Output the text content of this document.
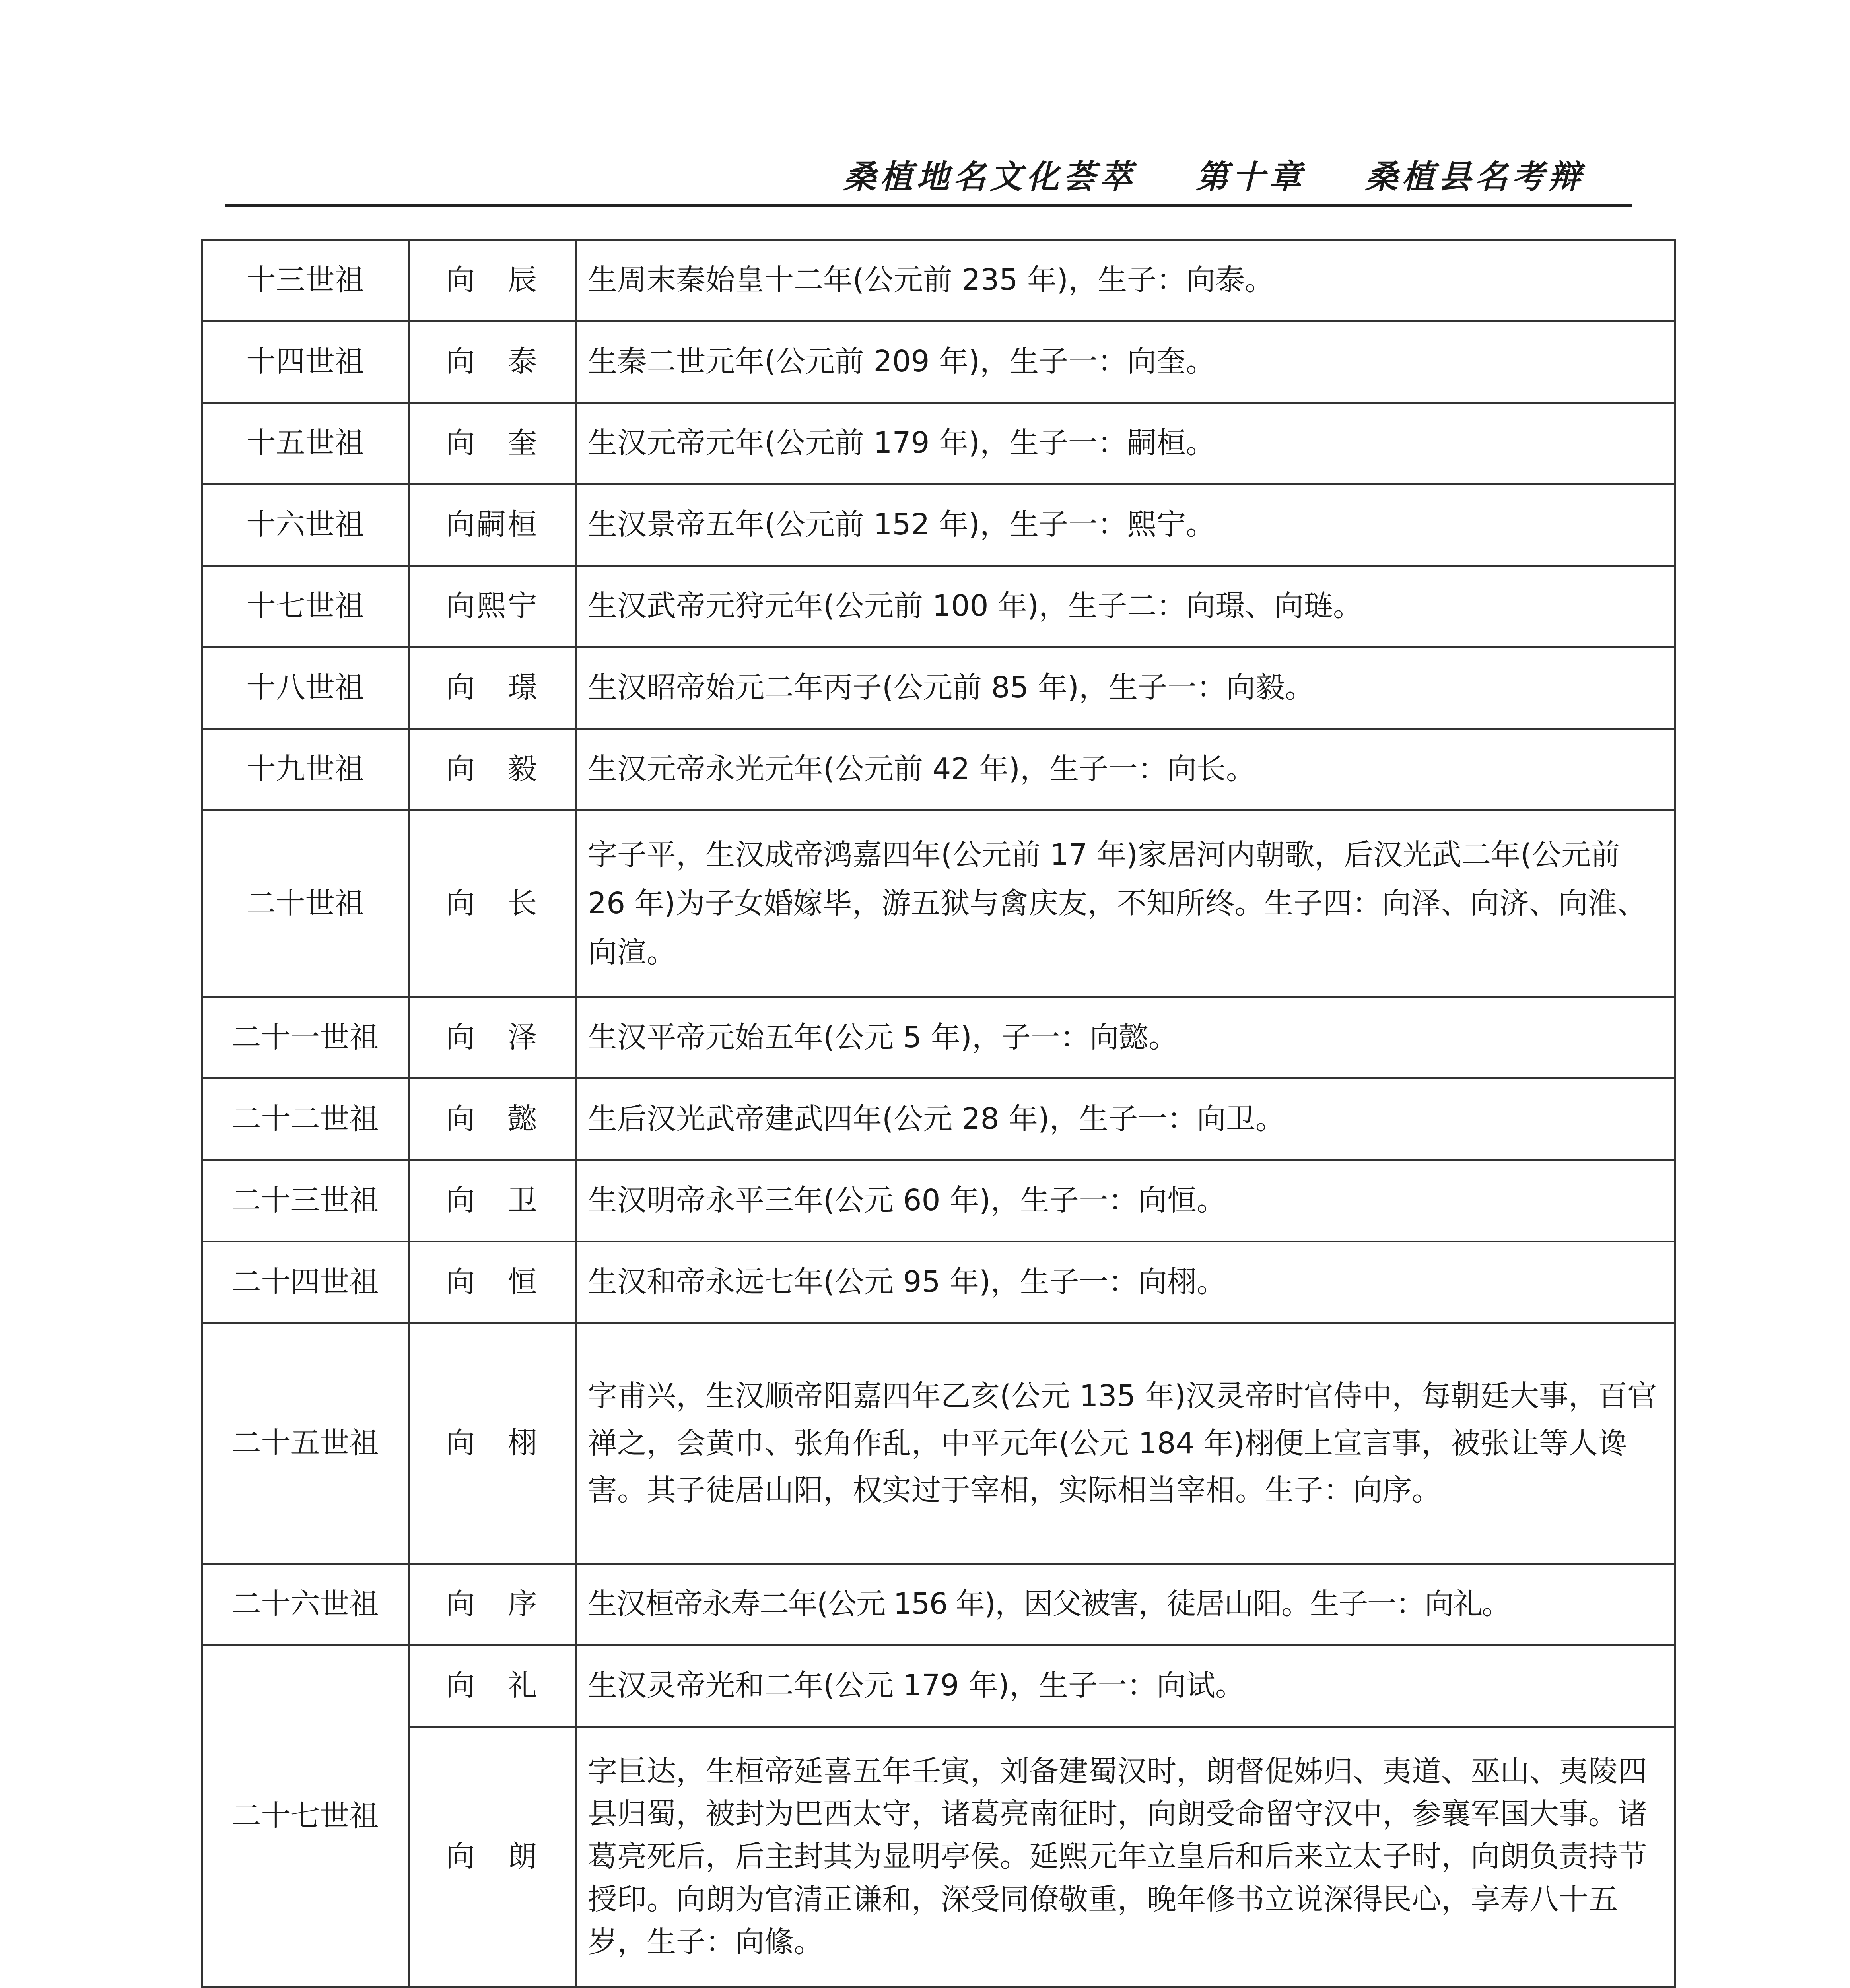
桑植地名文化荟萃 第十章 桑植县名考辩
十三世祖	向　辰	生周末秦始皇十二年(公元前 235 年)，生子：向泰。
十四世祖	向　泰	生秦二世元年(公元前 209 年)，生子一：向奎。
十五世祖	向　奎	生汉元帝元年(公元前 179 年)，生子一：嗣桓。
十六世祖	向嗣桓	生汉景帝五年(公元前 152 年)，生子一：熙宁。
十七世祖	向熙宁	生汉武帝元狩元年(公元前 100 年)，生子二：向璟、向琏。
十八世祖	向　璟	生汉昭帝始元二年丙子(公元前 85 年)，生子一：向毅。
十九世祖	向　毅	生汉元帝永光元年(公元前 42 年)，生子一：向长。
二十世祖	向　长	字子平，生汉成帝鸿嘉四年(公元前 17 年)家居河内朝歌，后汉光武二年(公元前 26 年)为子女婚嫁毕，游五狱与禽庆友，不知所终。生子四：向泽、向济、向淮、向渲。
二十一世祖	向　泽	生汉平帝元始五年(公元 5 年)，子一：向懿。
二十二世祖	向　懿	生后汉光武帝建武四年(公元 28 年)，生子一：向卫。
二十三世祖	向　卫	生汉明帝永平三年(公元 60 年)，生子一：向恒。
二十四世祖	向　恒	生汉和帝永远七年(公元 95 年)，生子一：向栩。
二十五世祖	向　栩	字甫兴，生汉顺帝阳嘉四年乙亥(公元 135 年)汉灵帝时官侍中，每朝廷大事，百官禅之，会黄巾、张角作乱，中平元年(公元 184 年)栩便上宣言事，被张让等人谗害。其子徒居山阳，权实过于宰相，实际相当宰相。生子：向序。
二十六世祖	向　序	生汉桓帝永寿二年(公元 156 年)，因父被害，徒居山阳。生子一：向礼。
二十七世祖	向　礼	生汉灵帝光和二年(公元 179 年)，生子一：向试。
	向　朗	字巨达，生桓帝延喜五年壬寅，刘备建蜀汉时，朗督促姊归、夷道、巫山、夷陵四县归蜀，被封为巴西太守，诸葛亮南征时，向朗受命留守汉中，参襄军国大事。诸葛亮死后，后主封其为显明亭侯。延熙元年立皇后和后来立太子时，向朗负责持节授印。向朗为官清正谦和，深受同僚敬重，晚年修书立说深得民心，享寿八十五岁，生子：向絛。
